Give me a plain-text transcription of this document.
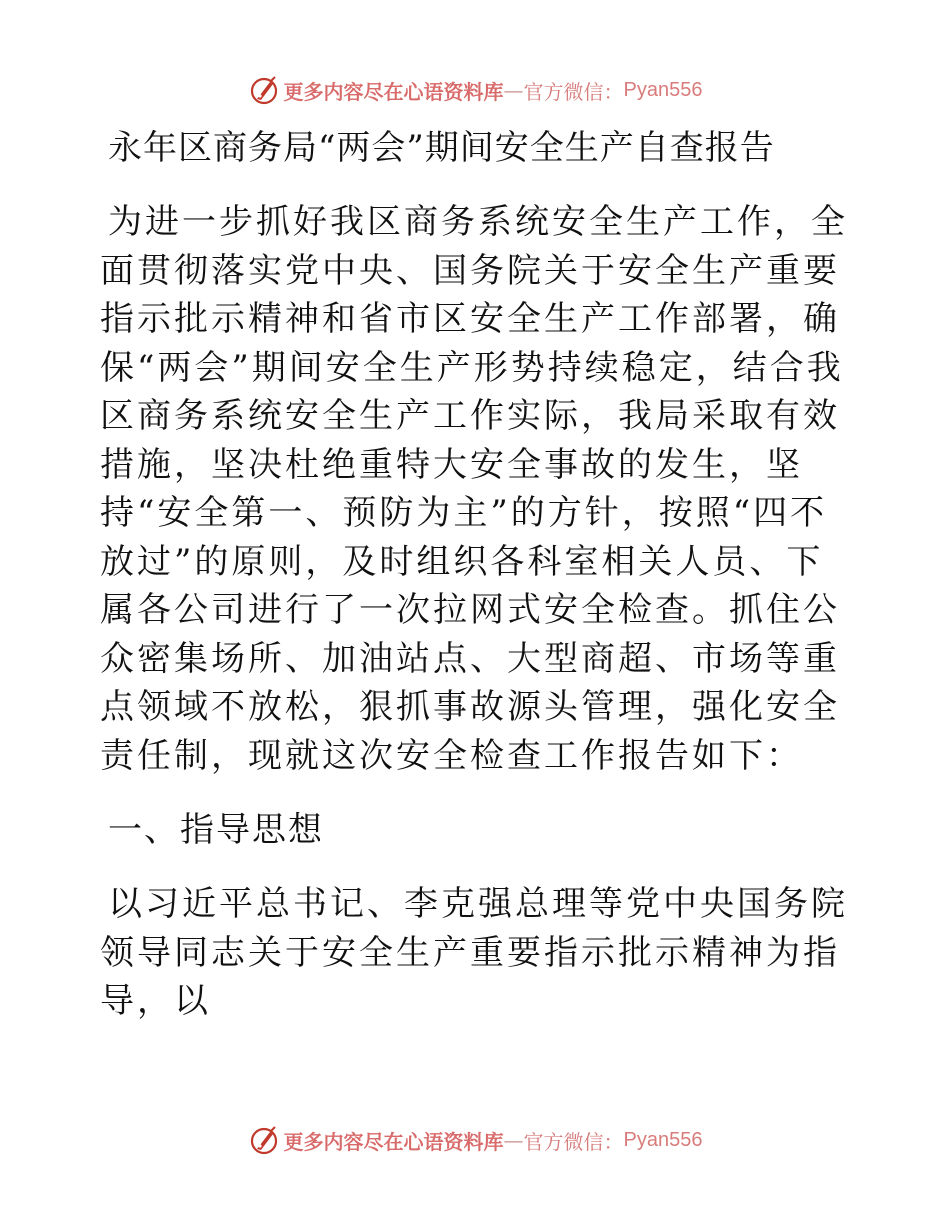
更多内容尽在心语资料库 — 官方微信： Pyan556
永年区商务局“两会”期间安全生产自查报告

为进一步抓好我区商务系统安全生产工作，全面贯彻落实党中央、国务院关于安全生产重要指示批示精神和省市区安全生产工作部署，确保“两会”期间安全生产形势持续稳定，结合我区商务系统安全生产工作实际，我局采取有效措施，坚决杜绝重特大安全事故的发生，坚持“安全第一、预防为主”的方针，按照“四不放过”的原则，及时组织各科室相关人员、下属各公司进行了一次拉网式安全检查。抓住公众密集场所、加油站点、大型商超、市场等重点领域不放松，狠抓事故源头管理，强化安全责任制，现就这次安全检查工作报告如下：

一、指导思想

以习近平总书记、李克强总理等党中央国务院领导同志关于安全生产重要指示批示精神为指导，以

更多内容尽在心语资料库 — 官方微信： Pyan556
